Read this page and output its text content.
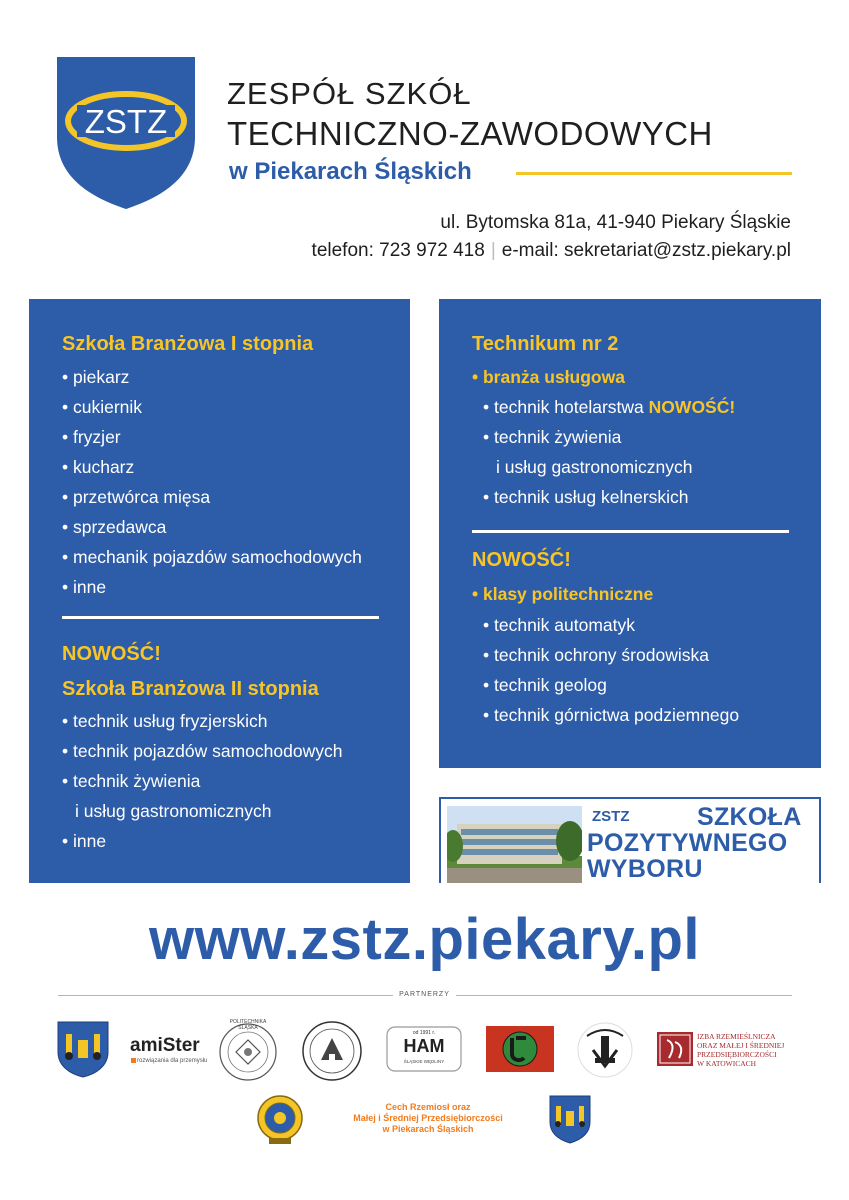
ZSTZ
ZESPÓŁ SZKÓŁ
TECHNICZNO-ZAWODOWYCH
w Piekarach Śląskich
ul. Bytomska 81a, 41-940 Piekary Śląskie
telefon: 723 972 418 | e-mail: sekretariat@zstz.piekary.pl
Szkoła Branżowa I stopnia
• piekarz
• cukiernik
• fryzjer
• kucharz
• przetwórca mięsa
• sprzedawca
• mechanik pojazdów samochodowych
• inne
NOWOŚĆ!
Szkoła Branżowa II stopnia
• technik usług fryzjerskich
• technik pojazdów samochodowych
• technik żywienia
i usług gastronomicznych
• inne
Technikum nr 2
• branża usługowa
• technik hotelarstwa NOWOŚĆ!
• technik żywienia
i usług gastronomicznych
• technik usług kelnerskich
NOWOŚĆ!
• klasy politechniczne
• technik automatyk
• technik ochrony środowiska
• technik geolog
• technik górnictwa podziemnego
ZSTZ	SZKOŁA
POZYTYWNEGO
WYBORU
www.zstz.piekary.pl
PARTNERZY
amiSter
rozwiązania dla przemysłu
POLITECHNIKA ŚLĄSKA
od 1991 r.
HAM
ŚLĄSKIE WĘDLINY
IZBA RZEMIEŚLNICZA
ORAZ MAŁEJ I ŚREDNIEJ
PRZEDSIĘBIORCZOŚCI
W KATOWICACH
Cech Rzemiosł oraz
Małej i Średniej Przedsiębiorczości
w Piekarach Śląskich
